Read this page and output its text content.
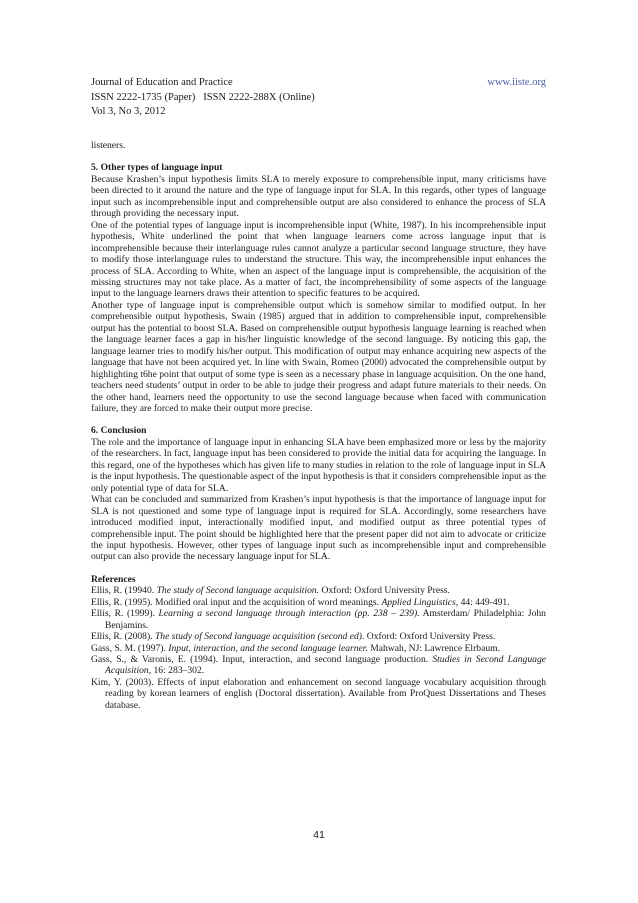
Journal of Education and Practice	www.iiste.org
ISSN 2222-1735 (Paper)   ISSN 2222-288X (Online)
Vol 3, No 3, 2012

listeners.

5. Other types of language input

Because Krashen’s input hypothesis limits SLA to merely exposure to comprehensible input, many criticisms have been directed to it around the nature and the type of language input for SLA. In this regards, other types of language input such as incomprehensible input and comprehensible output are also considered to enhance the process of SLA through providing the necessary input.

One of the potential types of language input is incomprehensible input (White, 1987). In his incomprehensible input hypothesis, White underlined the point that when language learners come across language input that is incomprehensible because their interlanguage rules cannot analyze a particular second language structure, they have to modify those interlanguage rules to understand the structure. This way, the incomprehensible input enhances the process of SLA. According to White, when an aspect of the language input is comprehensible, the acquisition of the missing structures may not take place. As a matter of fact, the incomprehensibility of some aspects of the language input to the language learners draws their attention to specific features to be acquired.

Another type of language input is comprehensible output which is somehow similar to modified output. In her comprehensible output hypothesis, Swain (1985) argued that in addition to comprehensible input, comprehensible output has the potential to boost SLA. Based on comprehensible output hypothesis language learning is reached when the language learner faces a gap in his/her linguistic knowledge of the second language. By noticing this gap, the language learner tries to modify his/her output. This modification of output may enhance acquiring new aspects of the language that have not been acquired yet. In line with Swain, Romeo (2000) advocated the comprehensible output by highlighting t6he point that output of some type is seen as a necessary phase in language acquisition. On the one hand, teachers need students’ output in order to be able to judge their progress and adapt future materials to their needs. On the other hand, learners need the opportunity to use the second language because when faced with communication failure, they are forced to make their output more precise.

6. Conclusion

The role and the importance of language input in enhancing SLA have been emphasized more or less by the majority of the researchers. In fact, language input has been considered to provide the initial data for acquiring the language. In this regard, one of the hypotheses which has given life to many studies in relation to the role of language input in SLA is the input hypothesis. The questionable aspect of the input hypothesis is that it considers comprehensible input as the only potential type of data for SLA.

What can be concluded and summarized from Krashen’s input hypothesis is that the importance of language input for SLA is not questioned and some type of language input is required for SLA. Accordingly, some researchers have introduced modified input, interactionally modified input, and modified output as three potential types of comprehensible input. The point should be highlighted here that the present paper did not aim to advocate or criticize the input hypothesis. However, other types of language input such as incomprehensible input and comprehensible output can also provide the necessary language input for SLA.

References

Ellis, R. (19940. The study of Second language acquisition. Oxford: Oxford University Press.

Ellis, R. (1995). Modified oral input and the acquisition of word meanings. Applied Linguistics, 44: 449-491.

Ellis, R. (1999). Learning a second language through interaction (pp. 238 – 239). Amsterdam/ Philadelphia: John Benjamins.

Ellis, R. (2008). The study of Second language acquisition (second ed). Oxford: Oxford University Press.

Gass, S. M. (1997). Input, interaction, and the second language learner. Mahwah, NJ: Lawrence Elrbaum.

Gass, S., & Varonis, E. (1994). Input, interaction, and second language production. Studies in Second Language Acquisition, 16: 283–302.

Kim, Y. (2003). Effects of input elaboration and enhancement on second language vocabulary acquisition through reading by korean learners of english (Doctoral dissertation). Available from ProQuest Dissertations and Theses database.

41
